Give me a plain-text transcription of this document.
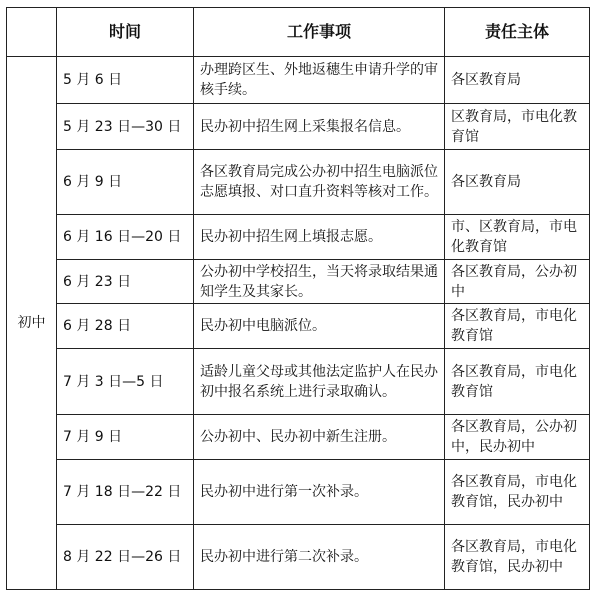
	时间	工作事项	责任主体
初中	5 月 6 日	办理跨区生、外地返穗生申请升学的审核手续。	各区教育局
	5 月 23 日—30 日	民办初中招生网上采集报名信息。	区教育局，市电化教育馆
	6 月 9 日	各区教育局完成公办初中招生电脑派位志愿填报、对口直升资料等核对工作。	各区教育局
	6 月 16 日—20 日	民办初中招生网上填报志愿。	市、区教育局，市电化教育馆
	6 月 23 日	公办初中学校招生，当天将录取结果通知学生及其家长。	各区教育局，公办初中
	6 月 28 日	民办初中电脑派位。	各区教育局，市电化教育馆
	7 月 3 日—5 日	适龄儿童父母或其他法定监护人在民办初中报名系统上进行录取确认。	各区教育局，市电化教育馆
	7 月 9 日	公办初中、民办初中新生注册。	各区教育局，公办初中，民办初中
	7 月 18 日—22 日	民办初中进行第一次补录。	各区教育局，市电化教育馆，民办初中
	8 月 22 日—26 日	民办初中进行第二次补录。	各区教育局，市电化教育馆，民办初中
